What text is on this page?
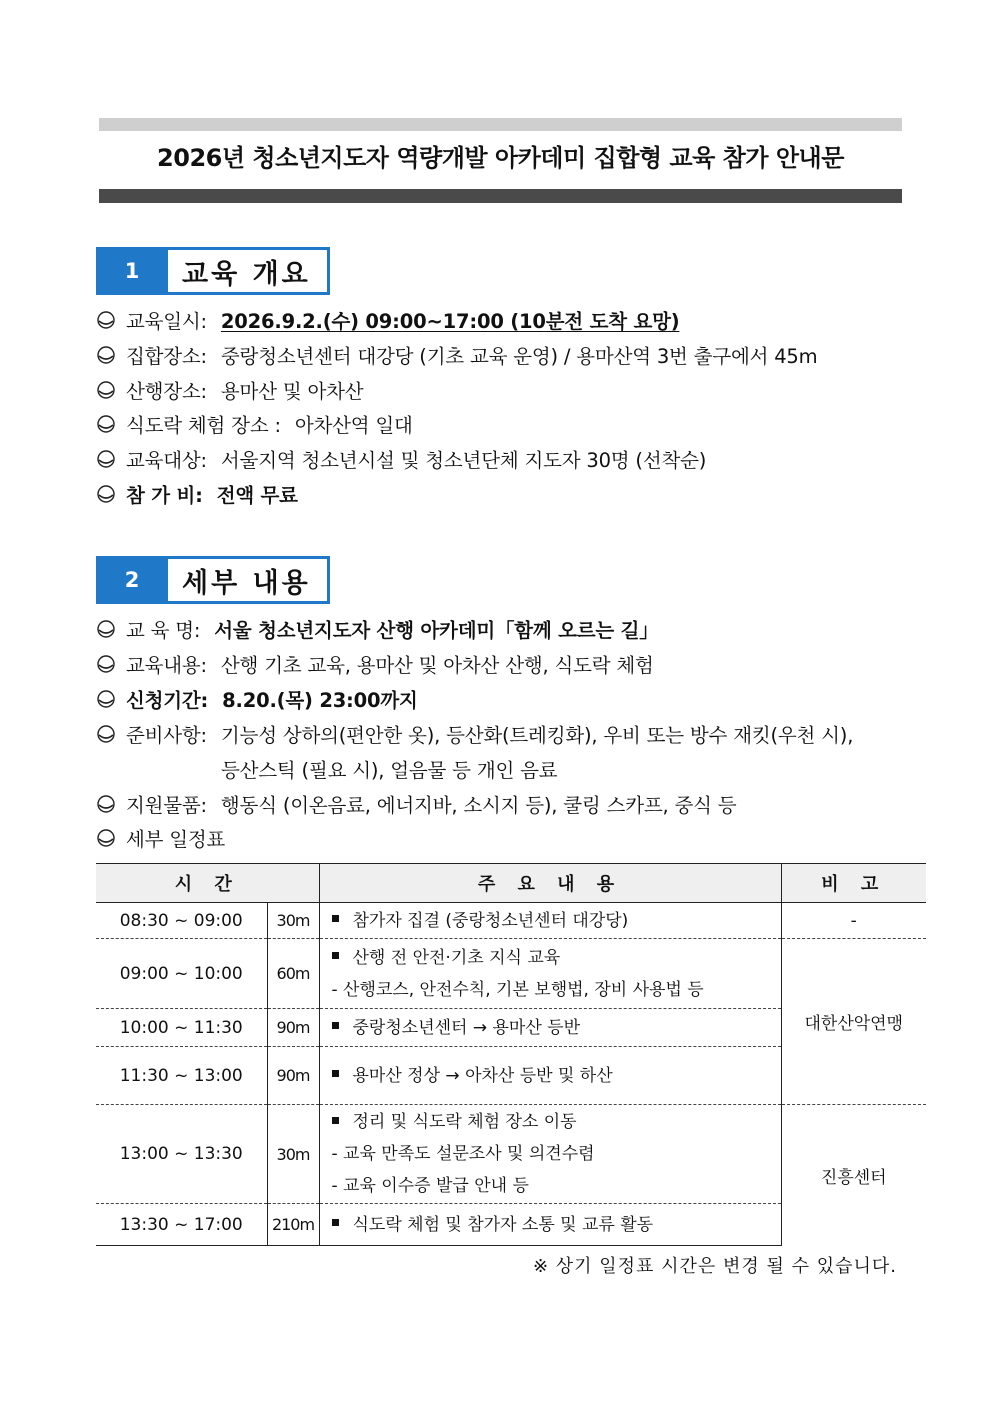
2026년 청소년지도자 역량개발 아카데미 집합형 교육 참가 안내문
1	교육 개요
교육일시: 2026.9.2.(수) 09:00~17:00 (10분전 도착 요망)
집합장소: 중랑청소년센터 대강당 (기초 교육 운영) / 용마산역 3번 출구에서 45m
산행장소: 용마산 및 아차산
식도락 체험 장소 : 아차산역 일대
교육대상: 서울지역 청소년시설 및 청소년단체 지도자 30명 (선착순)
참 가 비: 전액 무료
2	세부 내용
교 육 명: 서울 청소년지도자 산행 아카데미「함께 오르는 길」
교육내용: 산행 기초 교육, 용마산 및 아차산 산행, 식도락 체험
신청기간: 8.20.(목) 23:00까지
준비사항: 기능성 상하의(편안한 옷), 등산화(트레킹화), 우비 또는 방수 재킷(우천 시),
등산스틱 (필요 시), 얼음물 등 개인 음료
지원물품: 행동식 (이온음료, 에너지바, 소시지 등), 쿨링 스카프, 중식 등
세부 일정표
시 간		주 요 내 용	비 고
08:30 ~ 09:00	30m	참가자 집결 (중랑청소년센터 대강당)	-
09:00 ~ 10:00	60m	산행 전 안전·기초 지식 교육
- 산행코스, 안전수칙, 기본 보행법, 장비 사용법 등	대한산악연맹
10:00 ~ 11:30	90m	중랑청소년센터 → 용마산 등반	

11:30 ~ 13:00	90m	용마산 정상 → 아차산 등반 및 하산	

13:00 ~ 13:30	30m	정리 및 식도락 체험 장소 이동
- 교육 만족도 설문조사 및 의견수렴
- 교육 이수증 발급 안내 등	진흥센터
13:30 ~ 17:00	210m	식도락 체험 및 참가자 소통 및 교류 활동	
※ 상기 일정표 시간은 변경 될 수 있습니다.
